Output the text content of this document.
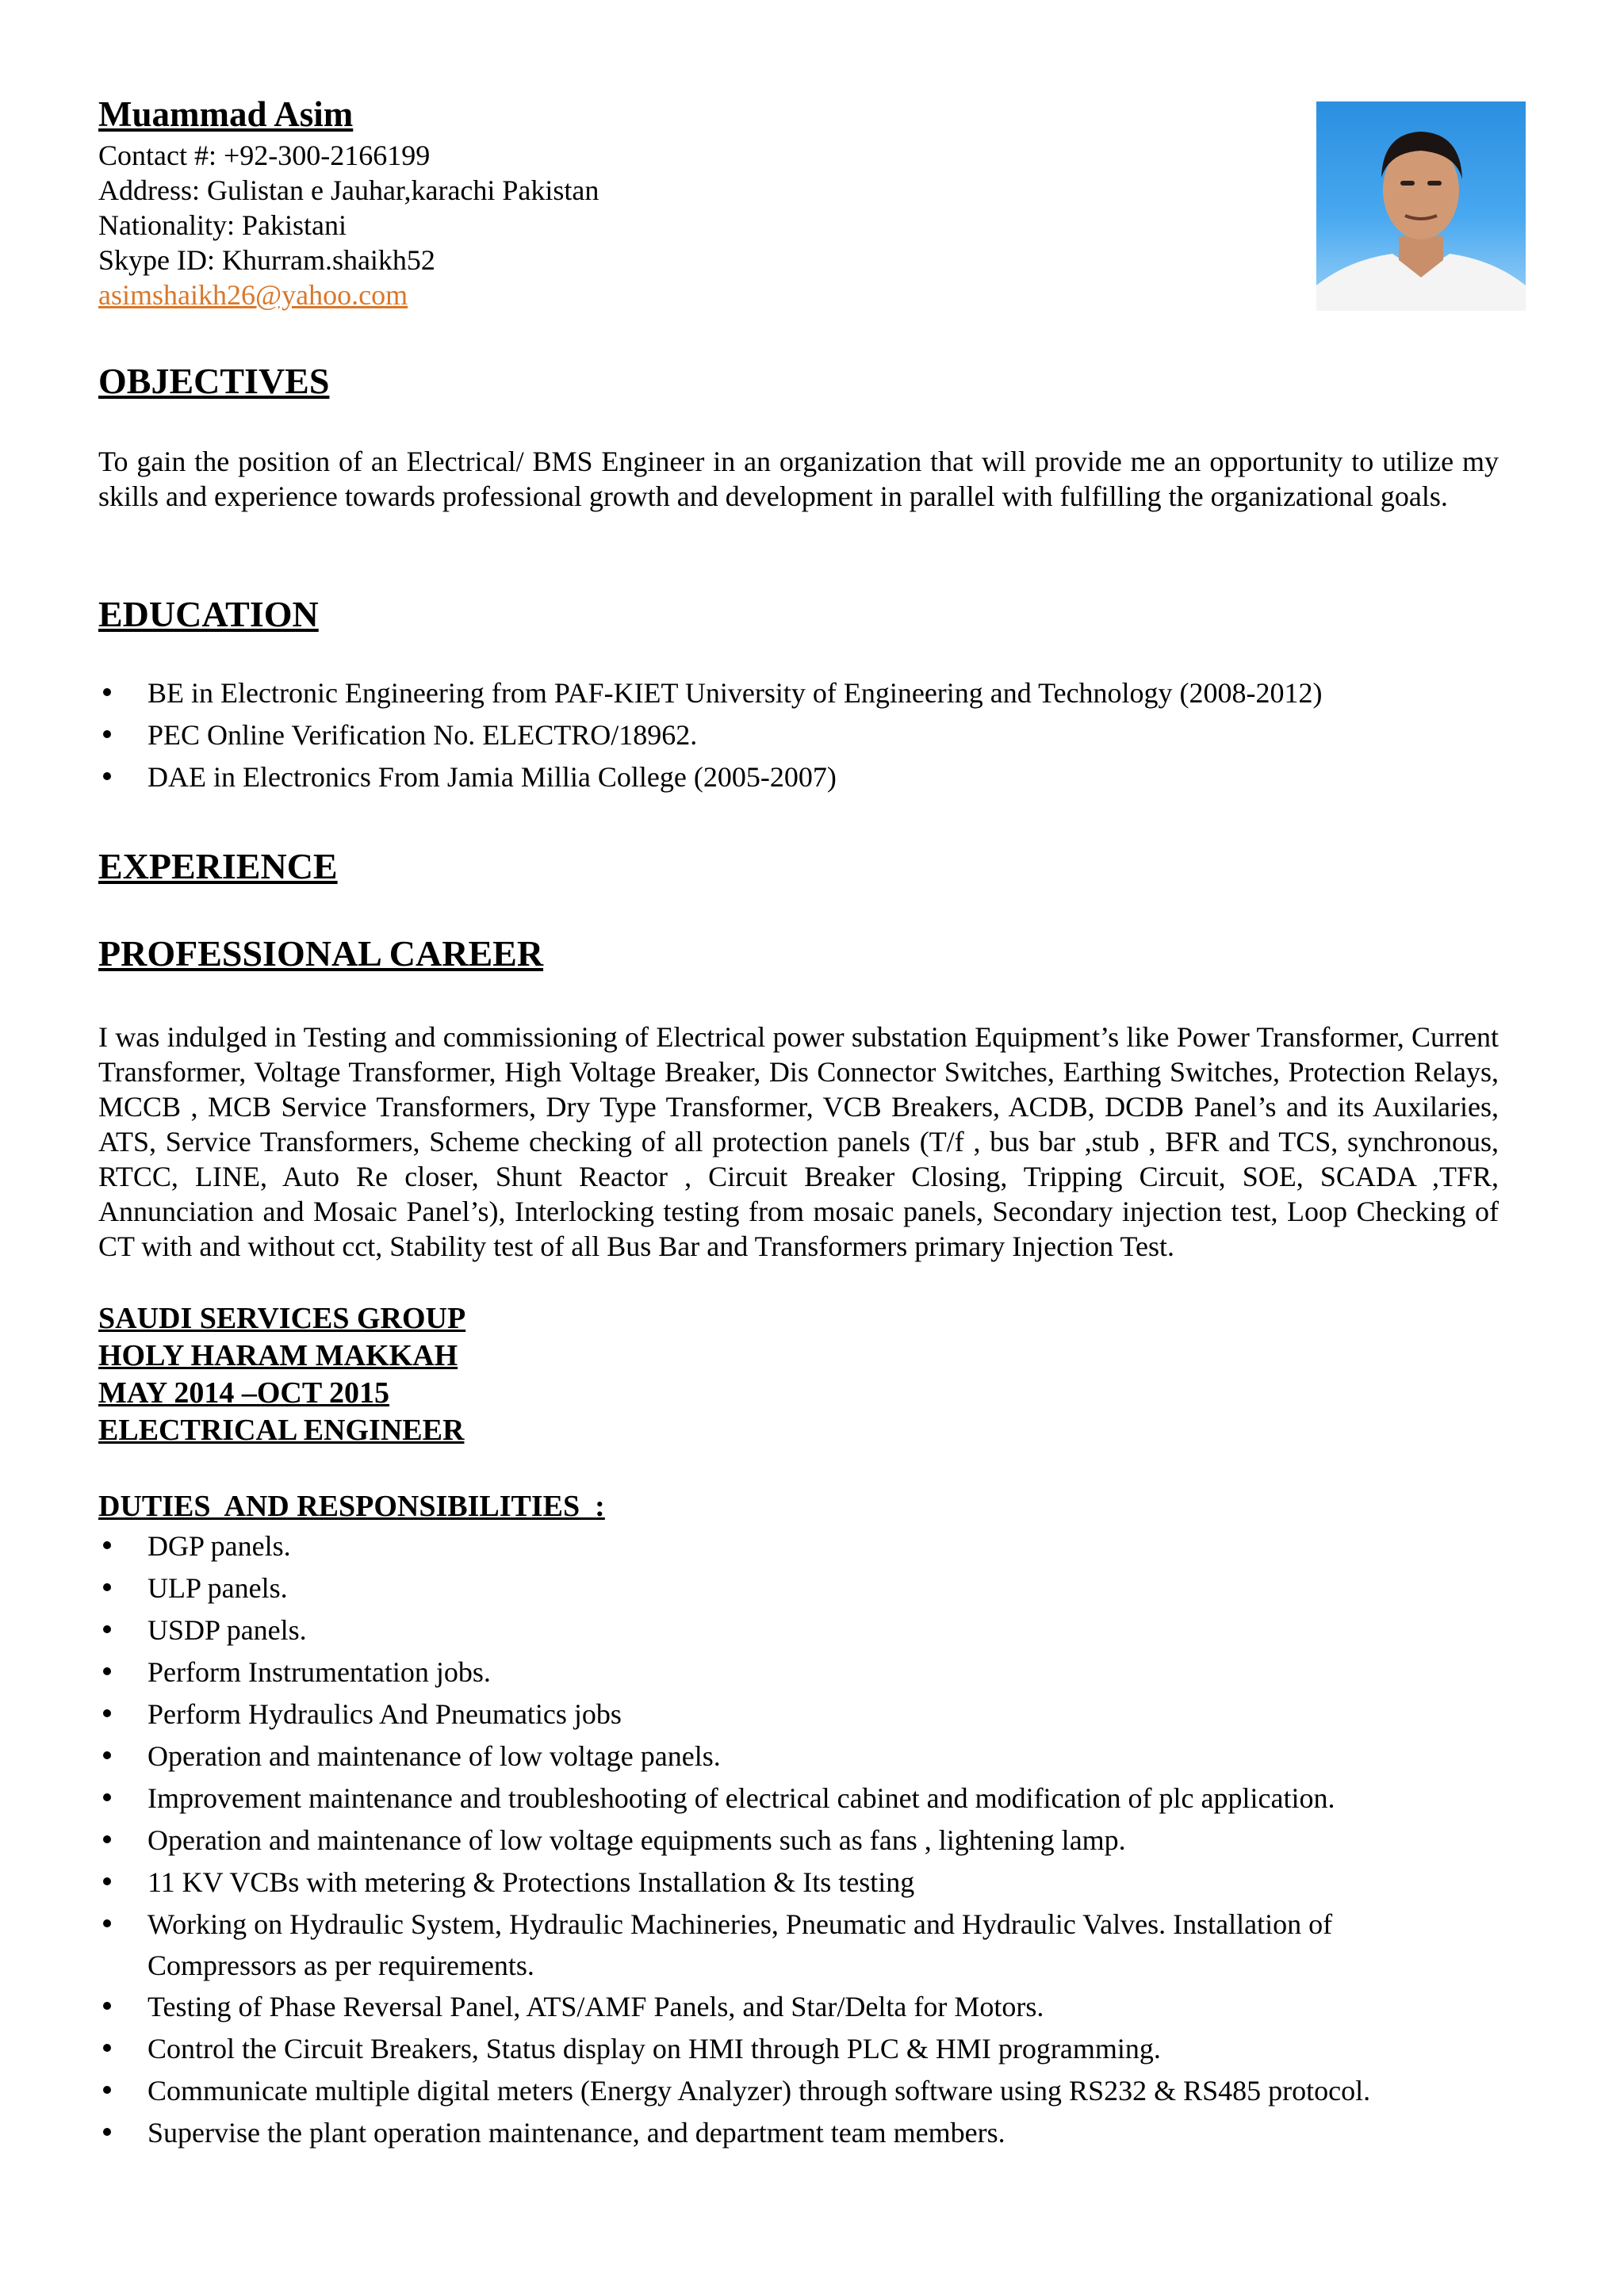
Muammad Asim
Contact #: +92-300-2166199
Address: Gulistan e Jauhar,karachi Pakistan
Nationality: Pakistani
Skype ID: Khurram.shaikh52
asimshaikh26@yahoo.com
OBJECTIVES

To gain the position of an Electrical/ BMS Engineer in an organization that will provide me an opportunity to utilize my skills and experience towards professional growth and development in parallel with fulfilling the organizational goals.

EDUCATION
BE in Electronic Engineering from PAF-KIET University of Engineering and Technology (2008-2012)
PEC Online Verification No. ELECTRO/18962.
DAE in Electronics From Jamia Millia College (2005-2007)
EXPERIENCE
PROFESSIONAL CAREER

I was indulged in Testing and commissioning of Electrical power substation Equipment’s like Power Transformer, Current Transformer, Voltage Transformer, High Voltage Breaker, Dis Connector Switches, Earthing Switches, Protection Relays, MCCB , MCB Service Transformers, Dry Type Transformer, VCB Breakers, ACDB, DCDB Panel’s and its Auxilaries, ATS, Service Transformers, Scheme checking of all protection panels (T/f , bus bar ,stub , BFR and TCS, synchronous, RTCC, LINE, Auto Re closer, Shunt Reactor , Circuit Breaker Closing, Tripping Circuit, SOE, SCADA ,TFR, Annunciation and Mosaic Panel’s), Interlocking testing from mosaic panels, Secondary injection test, Loop Checking of CT with and without cct, Stability test of all Bus Bar and Transformers primary Injection Test.

SAUDI SERVICES GROUP
HOLY HARAM MAKKAH
MAY 2014 –OCT 2015
ELECTRICAL ENGINEER
DUTIES  AND RESPONSIBILITIES  :
DGP panels.
ULP panels.
USDP panels.
Perform Instrumentation jobs.
Perform Hydraulics And Pneumatics jobs
Operation and maintenance of low voltage panels.
Improvement maintenance and troubleshooting of electrical cabinet and modification of plc application.
Operation and maintenance of low voltage equipments such as fans , lightening lamp.
11 KV VCBs with metering & Protections Installation & Its testing
Working on Hydraulic System, Hydraulic Machineries, Pneumatic and Hydraulic Valves. Installation of Compressors as per requirements.
Testing of Phase Reversal Panel, ATS/AMF Panels, and Star/Delta for Motors.
Control the Circuit Breakers, Status display on HMI through PLC & HMI programming.
Communicate multiple digital meters (Energy Analyzer) through software using RS232 & RS485 protocol.
Supervise the plant operation maintenance, and department team members.
